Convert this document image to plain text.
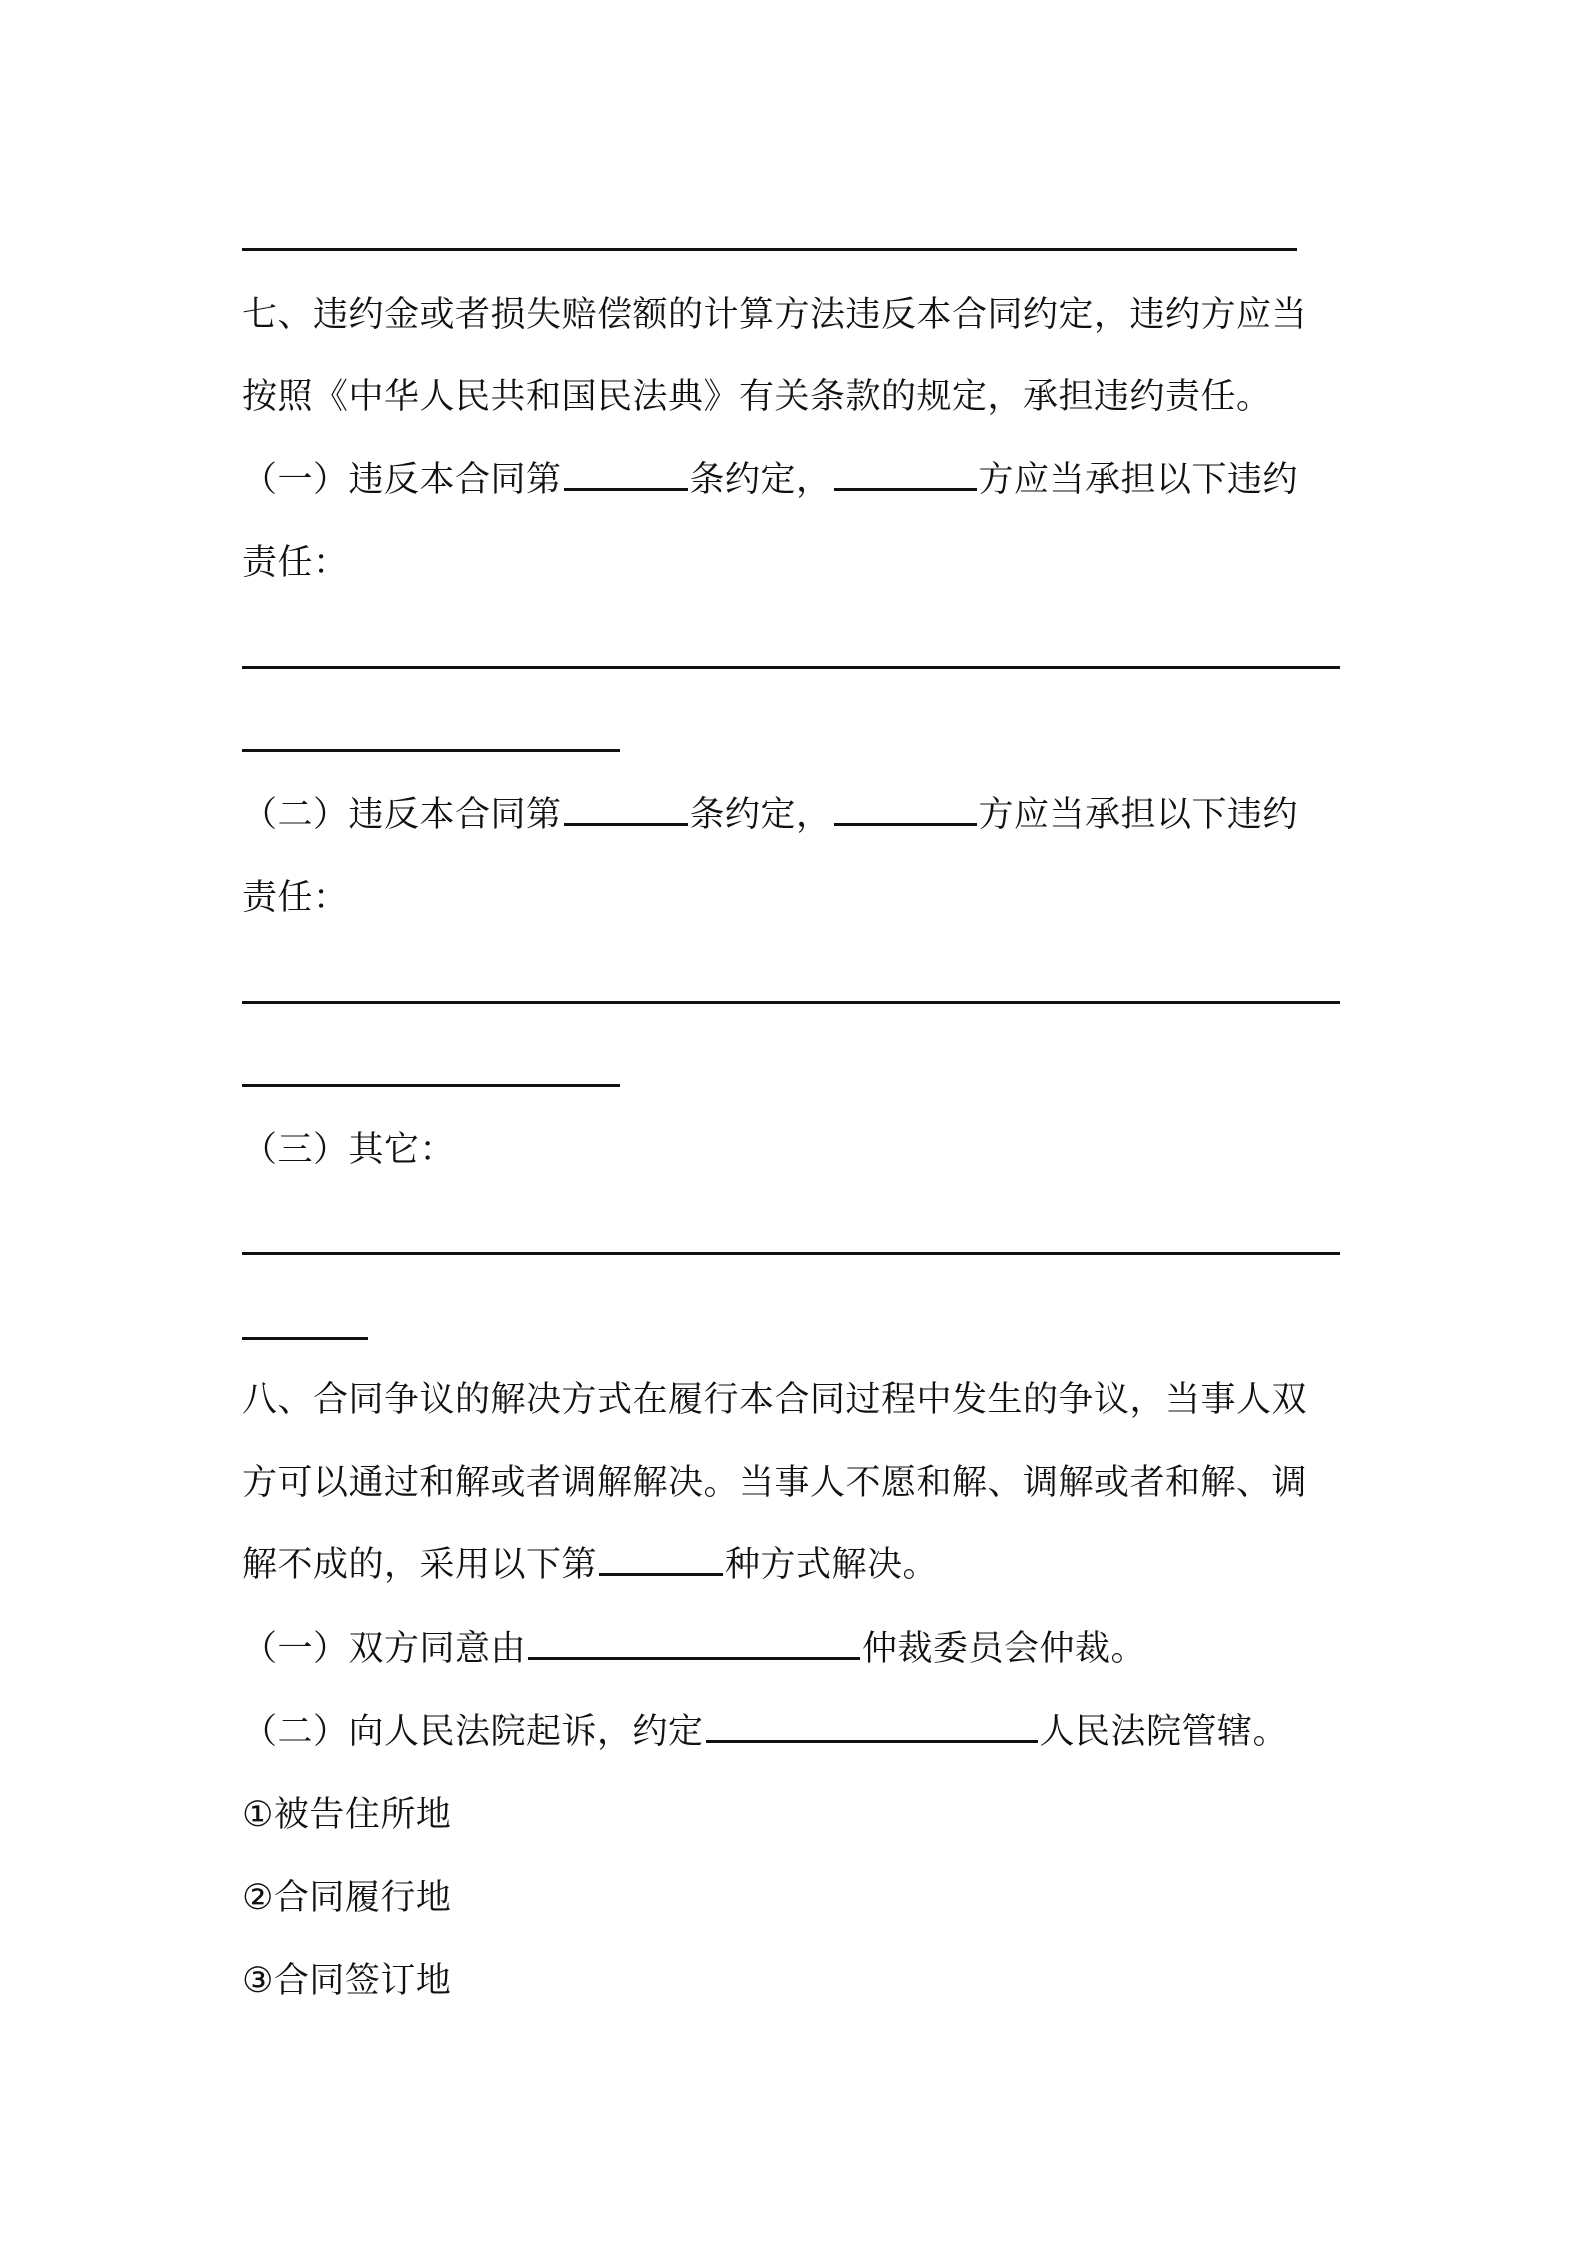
七、违约金或者损失赔偿额的计算方法违反本合同约定，违约方应当
按照《中华人民共和国民法典》有关条款的规定，承担违约责任。
（一）违反本合同第	条约定，	方应当承担以下违约
责任：
（二）违反本合同第	条约定，	方应当承担以下违约
责任：
（三）其它：
八、合同争议的解决方式在履行本合同过程中发生的争议，当事人双
方可以通过和解或者调解解决。当事人不愿和解、调解或者和解、调
解不成的，采用以下第	种方式解决。
（一）双方同意由	仲裁委员会仲裁。
（二）向人民法院起诉，约定	人民法院管辖。
①被告住所地
②合同履行地
③合同签订地
